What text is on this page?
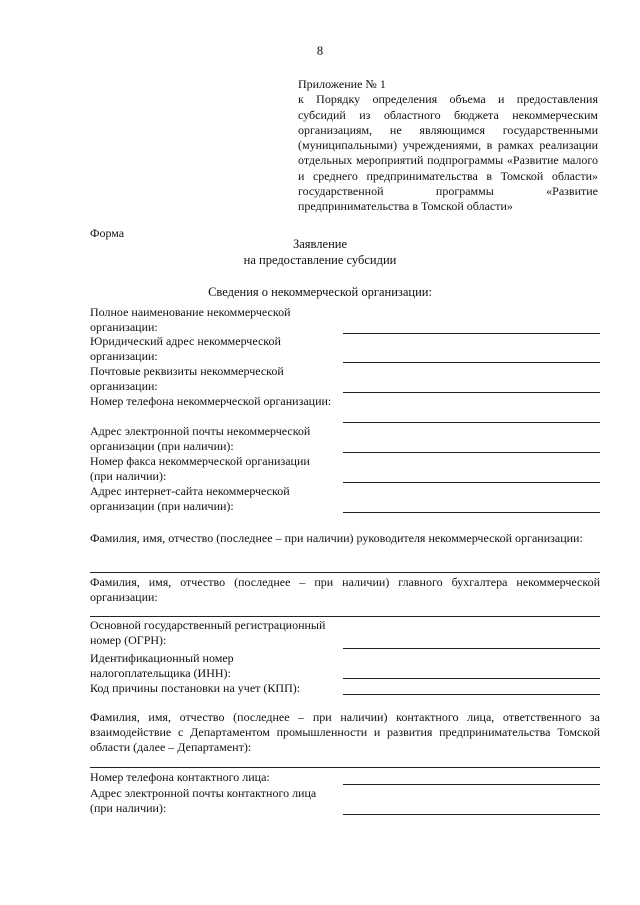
8
Приложение № 1
к Порядку определения объема и предоставления субсидий из областного бюджета некоммерческим организациям, не являющимся государственными (муниципальными) учреждениями, в рамках реализации отдельных мероприятий подпрограммы «Развитие малого и среднего предпринимательства в Томской области» государственной программы «Развитие предпринимательства в Томской области»
Форма
Заявление
на предоставление субсидии
Сведения о некоммерческой организации:
Полное наименование некоммерческой организации:
Юридический адрес некоммерческой организации:
Почтовые реквизиты некоммерческой организации:
Номер телефона некоммерческой организации:
Адрес электронной почты некоммерческой организации (при наличии):
Номер факса некоммерческой организации (при наличии):
Адрес интернет-сайта некоммерческой организации (при наличии):
Фамилия, имя, отчество (последнее – при наличии) руководителя некоммерческой организации:
Фамилия, имя, отчество (последнее – при наличии) главного бухгалтера некоммерческой организации:
Основной государственный регистрационный номер (ОГРН):
Идентификационный номер налогоплательщика (ИНН):
Код причины постановки на учет (КПП):
Фамилия, имя, отчество (последнее – при наличии) контактного лица, ответственного за взаимодействие с Департаментом промышленности и развития предпринимательства Томской области (далее – Департамент):
Номер телефона контактного лица:
Адрес электронной почты контактного лица (при наличии):
